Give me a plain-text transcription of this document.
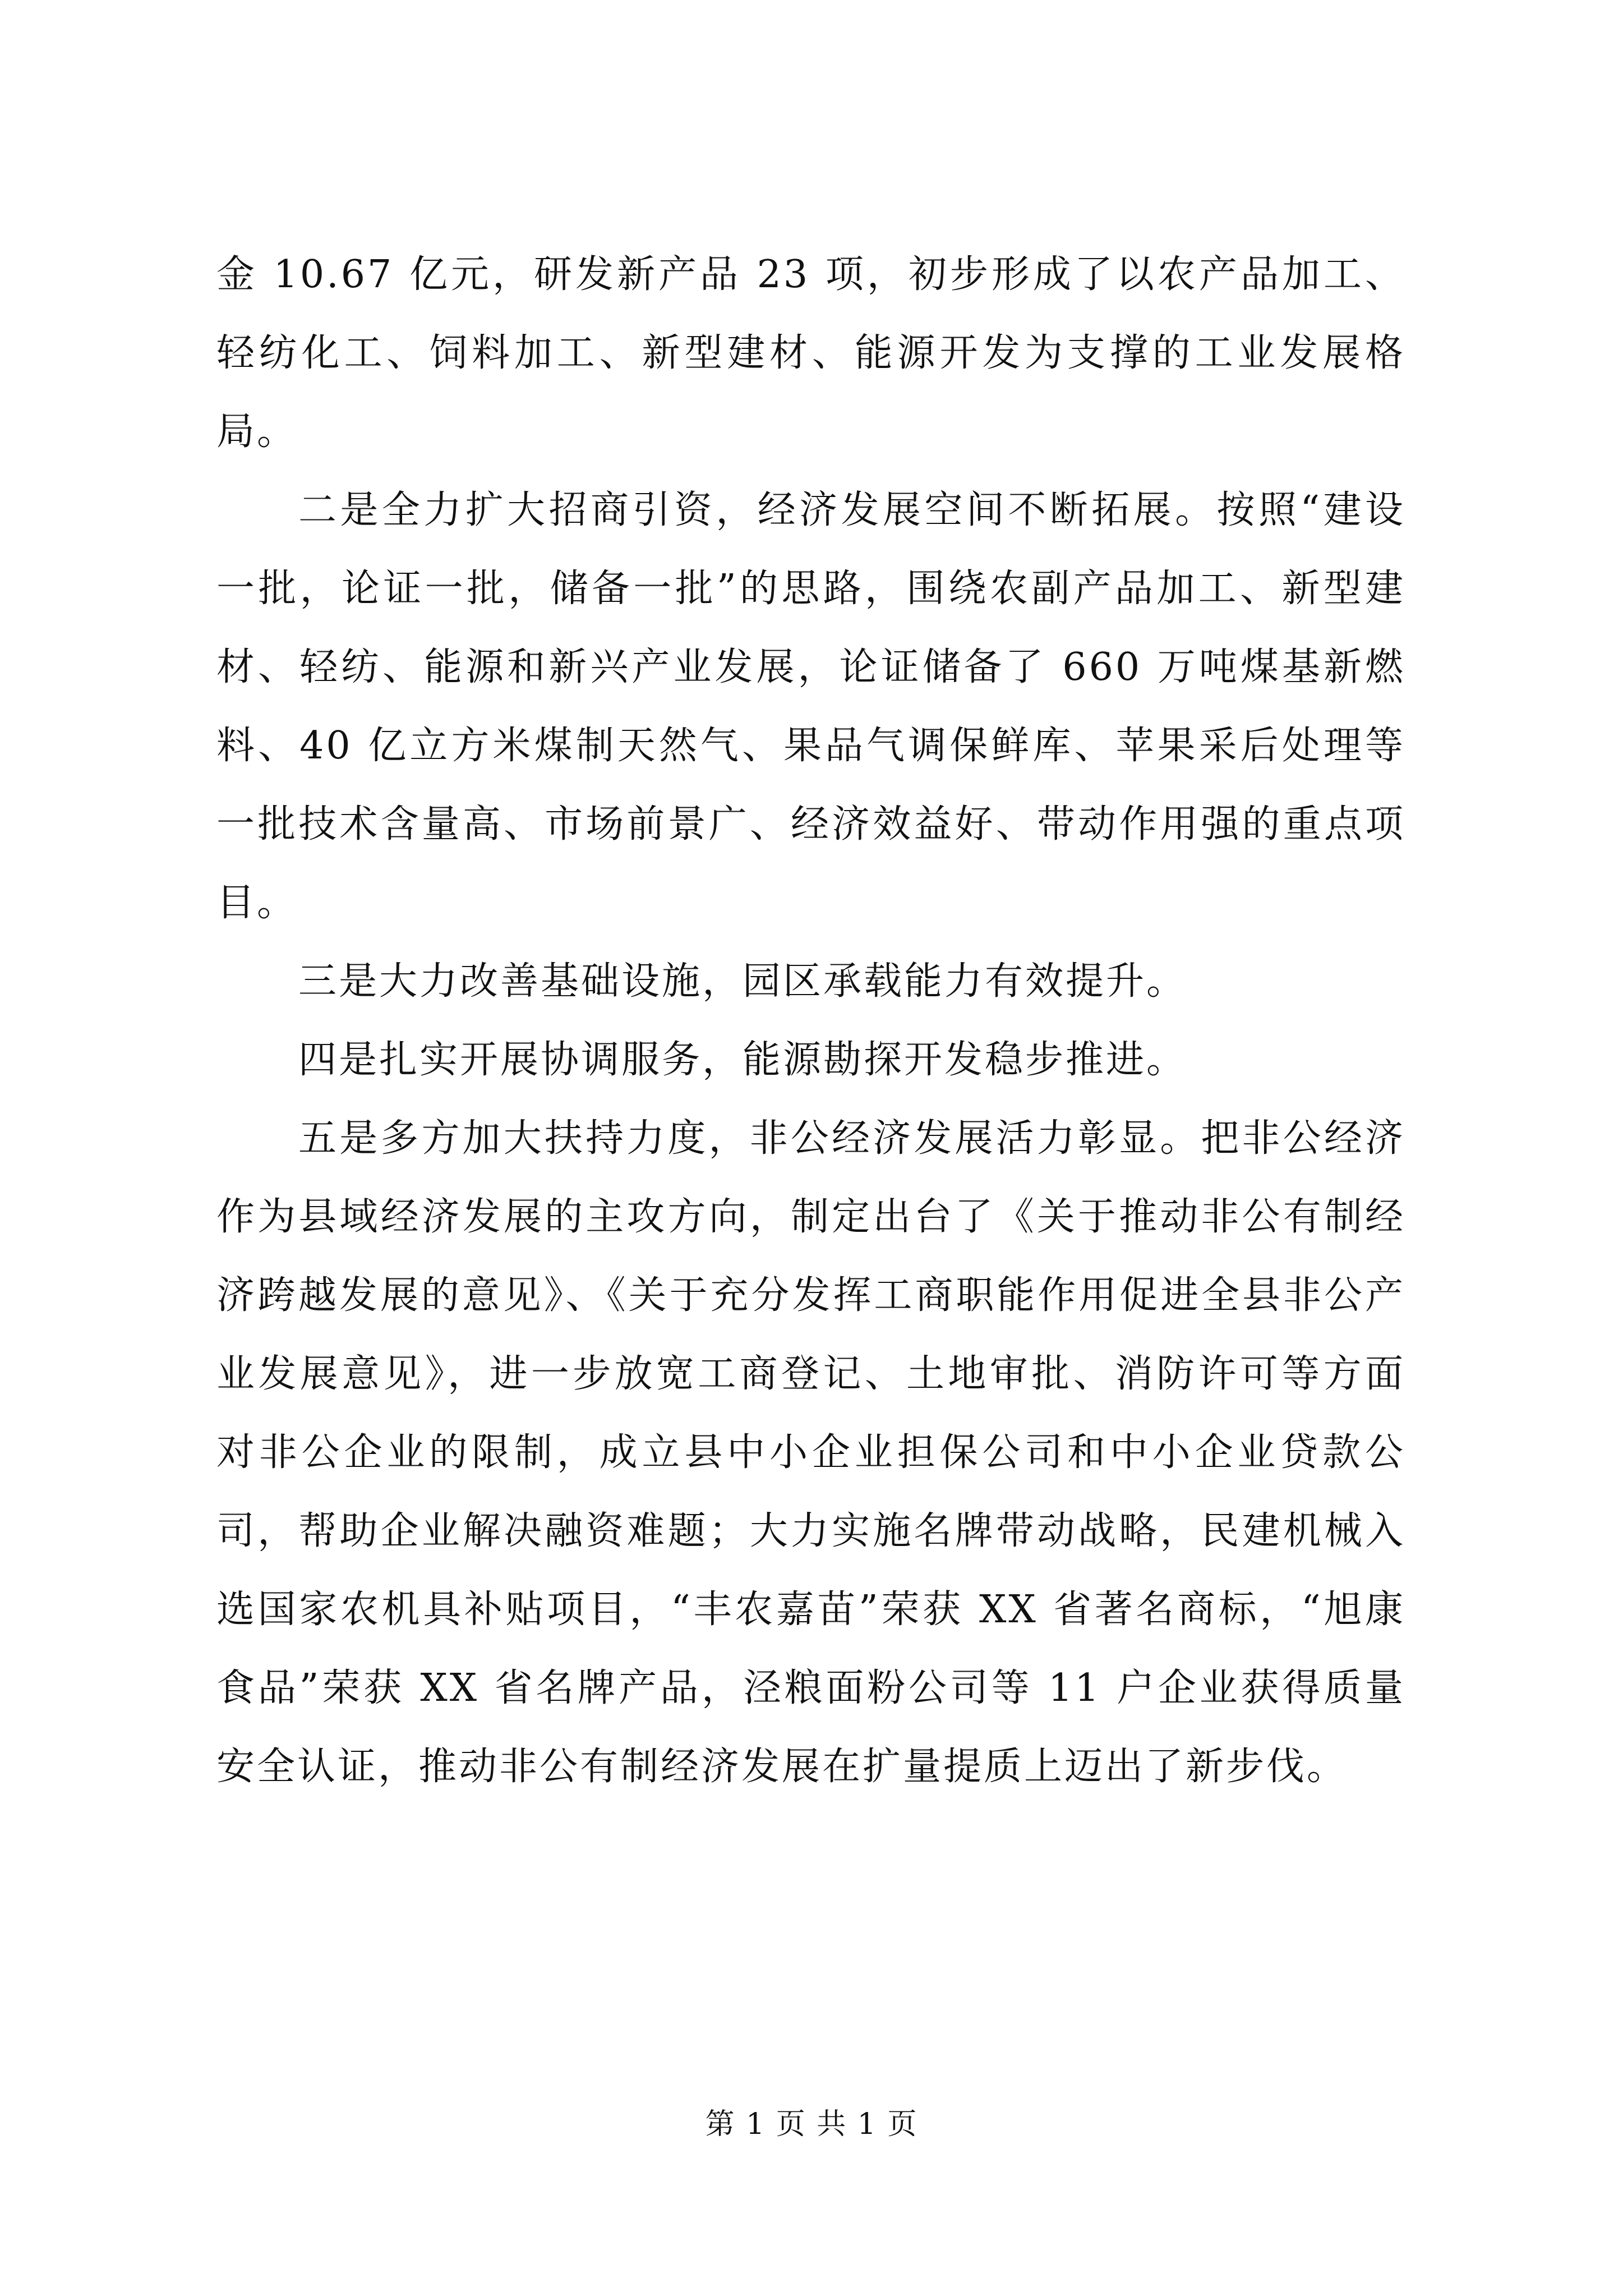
金 10.67 亿元，研发新产品 23 项，初步形成了以农产品加工、轻纺化工、饲料加工、新型建材、能源开发为支撑的工业发展格局。

二是全力扩大招商引资，经济发展空间不断拓展。按照“建设一批，论证一批，储备一批”的思路，围绕农副产品加工、新型建材、轻纺、能源和新兴产业发展，论证储备了 660 万吨煤基新燃料、40 亿立方米煤制天然气、果品气调保鲜库、苹果采后处理等一批技术含量高、市场前景广、经济效益好、带动作用强的重点项目。

三是大力改善基础设施，园区承载能力有效提升。

四是扎实开展协调服务，能源勘探开发稳步推进。

五是多方加大扶持力度，非公经济发展活力彰显。把非公经济作为县域经济发展的主攻方向，制定出台了《关于推动非公有制经济跨越发展的意见》、《关于充分发挥工商职能作用促进全县非公产业发展意见》，进一步放宽工商登记、土地审批、消防许可等方面对非公企业的限制，成立县中小企业担保公司和中小企业贷款公司，帮助企业解决融资难题；大力实施名牌带动战略，民建机械入选国家农机具补贴项目，“丰农嘉苗”荣获 XX 省著名商标，“旭康食品”荣获 XX 省名牌产品，泾粮面粉公司等 11 户企业获得质量安全认证，推动非公有制经济发展在扩量提质上迈出了新步伐。

第 1 页 共 1 页
